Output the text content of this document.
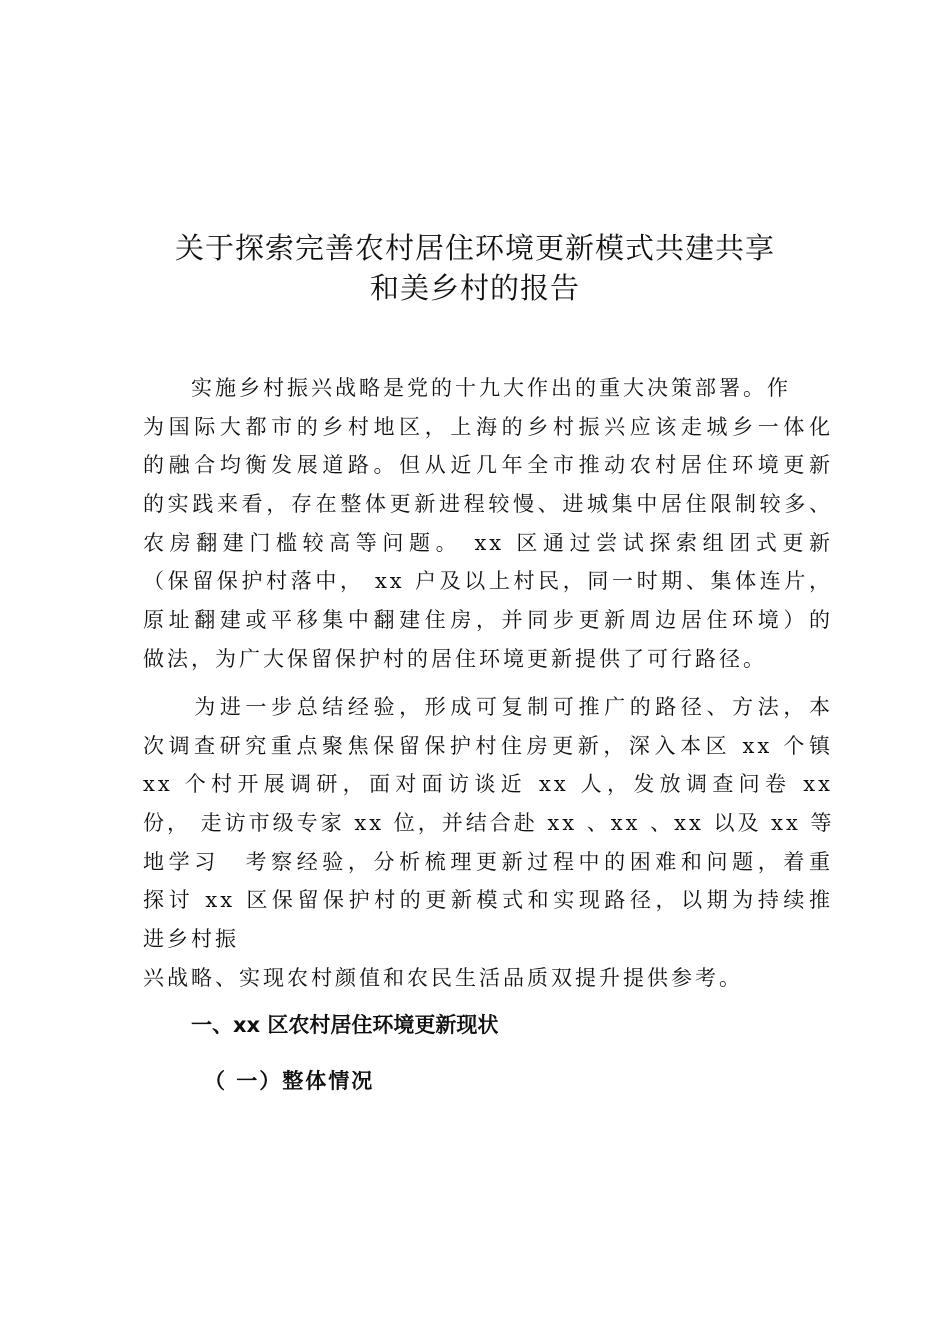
关于探索完善农村居住环境更新模式共建共享
和美乡村的报告
　　实施乡村振兴战略是党的十九大作出的重大决策部署。作
为国际大都市的乡村地区，上海的乡村振兴应该走城乡一体化
的融合均衡发展道路。但从近几年全市推动农村居住环境更新
的实践来看，存在整体更新进程较慢、进城集中居住限制较多、
农房翻建门槛较高等问题。 xx 区通过尝试探索组团式更新
（保留保护村落中， xx 户及以上村民，同一时期、集体连片，
原址翻建或平移集中翻建住房，并同步更新周边居住环境）的
做法，为广大保留保护村的居住环境更新提供了可行路径。
　　为进一步总结经验，形成可复制可推广的路径、方法，本
次调查研究重点聚焦保留保护村住房更新，深入本区 xx 个镇
xx 个村开展调研，面对面访谈近 xx 人，发放调查问卷 xx
份， 走访市级专家 xx 位，并结合赴 xx 、xx 、xx 以及 xx 等
地学习　考察经验，分析梳理更新过程中的困难和问题，着重
探讨 xx 区保留保护村的更新模式和实现路径，以期为持续推
进乡村振
兴战略、实现农村颜值和农民生活品质双提升提供参考。
一、xx 区农村居住环境更新现状
（ 一）整体情况
